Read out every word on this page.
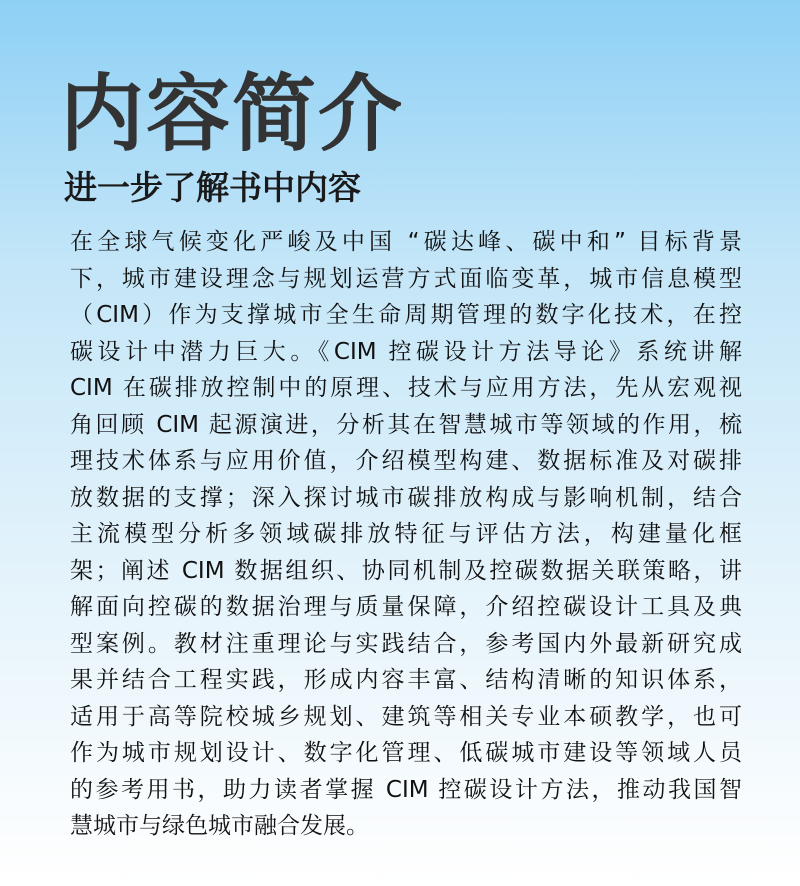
内容简介
进一步了解书中内容
在全球气候变化严峻及中国 “碳达峰、碳中和” 目标背景
下，城市建设理念与规划运营方式面临变革，城市信息模型
（CIM）作为支撑城市全生命周期管理的数字化技术，在控
碳设计中潜力巨大。《CIM 控碳设计方法导论》系统讲解
CIM 在碳排放控制中的原理、技术与应用方法，先从宏观视
角回顾 CIM 起源演进，分析其在智慧城市等领域的作用，梳
理技术体系与应用价值，介绍模型构建、数据标准及对碳排
放数据的支撑；深入探讨城市碳排放构成与影响机制，结合
主流模型分析多领域碳排放特征与评估方法，构建量化框
架；阐述 CIM 数据组织、协同机制及控碳数据关联策略，讲
解面向控碳的数据治理与质量保障，介绍控碳设计工具及典
型案例。教材注重理论与实践结合，参考国内外最新研究成
果并结合工程实践，形成内容丰富、结构清晰的知识体系，
适用于高等院校城乡规划、建筑等相关专业本硕教学，也可
作为城市规划设计、数字化管理、低碳城市建设等领域人员
的参考用书，助力读者掌握 CIM 控碳设计方法，推动我国智
慧城市与绿色城市融合发展。
